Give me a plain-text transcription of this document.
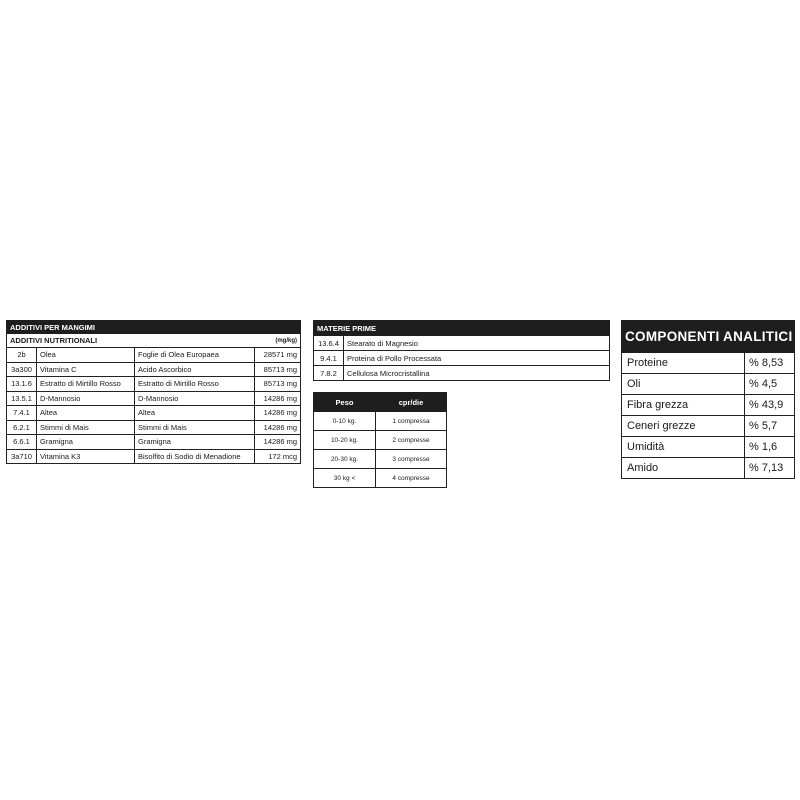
ADDITIVI PER MANGIMI			
ADDITIVI NUTRITIONALI			(mg/kg)
2b	Olea	Foglie di Olea Europaea	28571 mg
3a300	Vitamina C	Acido Ascorbico	85713 mg
13.1.6	Estratto di Mirtillo Rosso	Estratto di Mirtillo Rosso	85713 mg
13.5.1	D-Mannosio	D-Mannosio	14286 mg
7.4.1	Altea	Altea	14286 mg
6.2.1	Stimmi di Mais	Stimmi di Mais	14286 mg
6.6.1	Gramigna	Gramigna	14286 mg
3a710	Vitamina K3	Bisolfito di Sodio di Menadione	172 mcg
MATERIE PRIME	
13.6.4	Stearato di Magnesio
9.4.1	Proteina di Pollo Processata
7.8.2	Cellulosa Microcristallina
Peso	cpr/die
0-10 kg.	1 compressa
10-20 kg.	2 compresse
20-30 kg.	3 compresse
30 kg <	4 compresse
COMPONENTI ANALITICI	
Proteine	% 8,53
Oli	% 4,5
Fibra grezza	% 43,9
Ceneri grezze	% 5,7
Umidità	% 1,6
Amido	% 7,13
